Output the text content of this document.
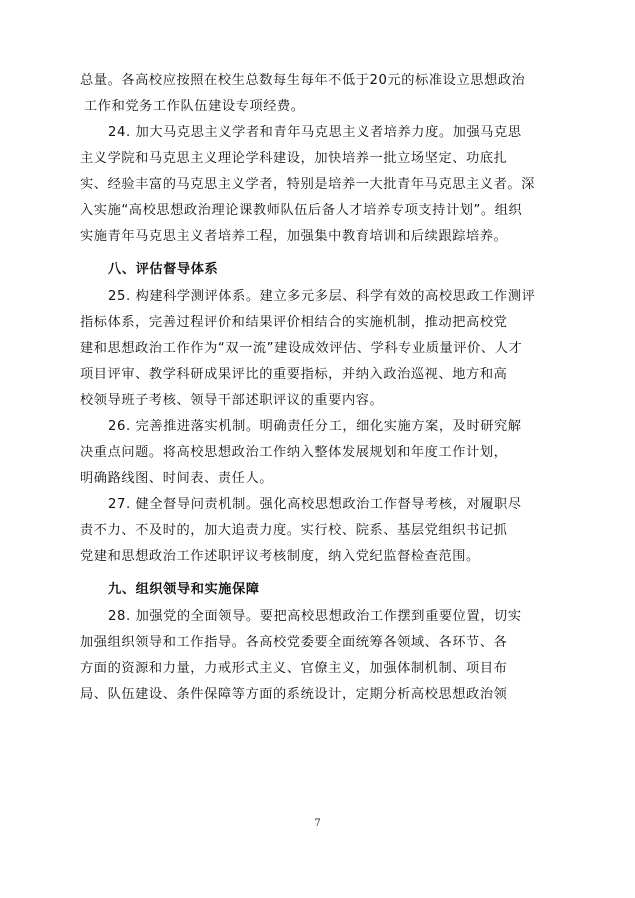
总量。各高校应按照在校生总数每生每年不低于20元的标准设立思想政治
工作和党务工作队伍建设专项经费。
24. 加大马克思主义学者和青年马克思主义者培养力度。加强马克思
主义学院和马克思主义理论学科建设，加快培养一批立场坚定、功底扎
实、经验丰富的马克思主义学者，特别是培养一大批青年马克思主义者。深
入实施“高校思想政治理论课教师队伍后备人才培养专项支持计划”。组织
实施青年马克思主义者培养工程，加强集中教育培训和后续跟踪培养。
八、评估督导体系
25. 构建科学测评体系。建立多元多层、科学有效的高校思政工作测评
指标体系，完善过程评价和结果评价相结合的实施机制，推动把高校党
建和思想政治工作作为“双一流”建设成效评估、学科专业质量评价、人才
项目评审、教学科研成果评比的重要指标，并纳入政治巡视、地方和高
校领导班子考核、领导干部述职评议的重要内容。
26. 完善推进落实机制。明确责任分工，细化实施方案，及时研究解
决重点问题。将高校思想政治工作纳入整体发展规划和年度工作计划，
明确路线图、时间表、责任人。
27. 健全督导问责机制。强化高校思想政治工作督导考核，对履职尽
责不力、不及时的，加大追责力度。实行校、院系、基层党组织书记抓
党建和思想政治工作述职评议考核制度，纳入党纪监督检查范围。
九、组织领导和实施保障
28. 加强党的全面领导。要把高校思想政治工作摆到重要位置，切实
加强组织领导和工作指导。各高校党委要全面统筹各领域、各环节、各
方面的资源和力量，力戒形式主义、官僚主义，加强体制机制、项目布
局、队伍建设、条件保障等方面的系统设计，定期分析高校思想政治领
7
